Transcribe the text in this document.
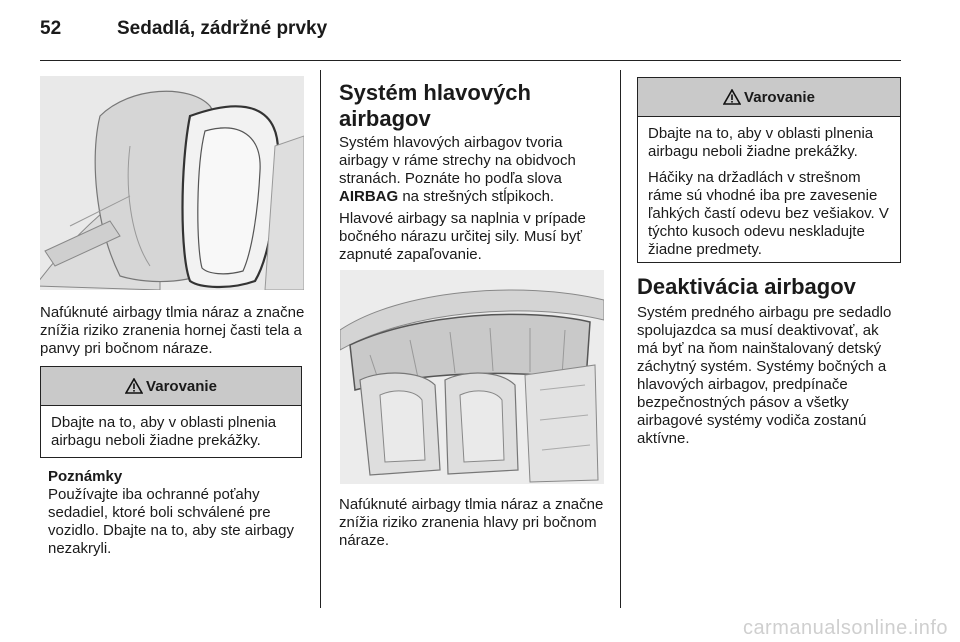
52	Sedadlá, zádržné prvky

Nafúknuté airbagy tlmia náraz a značne znížia riziko zranenia hornej časti tela a panvy pri bočnom náraze.

Varovanie

Dbajte na to, aby v oblasti plnenia airbagu neboli žiadne prekážky.

Poznámky

Používajte iba ochranné poťahy sedadiel, ktoré boli schválené pre vozidlo. Dbajte na to, aby ste airbagy nezakryli.

Systém hlavových airbagov

Systém hlavových airbagov tvoria airbagy v ráme strechy na obidvoch stranách. Poznáte ho podľa slova AIRBAG na strešných stĺpikoch.

Hlavové airbagy sa naplnia v prípade bočného nárazu určitej sily. Musí byť zapnuté zapaľovanie.

Nafúknuté airbagy tlmia náraz a značne znížia riziko zranenia hlavy pri bočnom náraze.

Varovanie

Dbajte na to, aby v oblasti plnenia airbagu neboli žiadne prekážky.

Háčiky na držadlách v strešnom ráme sú vhodné iba pre zavesenie ľahkých častí odevu bez vešiakov. V týchto kusoch odevu neskladujte žiadne predmety.

Deaktivácia airbagov

Systém predného airbagu pre sedadlo spolujazdca sa musí deaktivovať, ak má byť na ňom nainštalovaný detský záchytný systém. Systémy bočných a hlavových airbagov, predpínače bezpečnostných pásov a všetky airbagové systémy vodiča zostanú aktívne.

carmanualsonline.info
